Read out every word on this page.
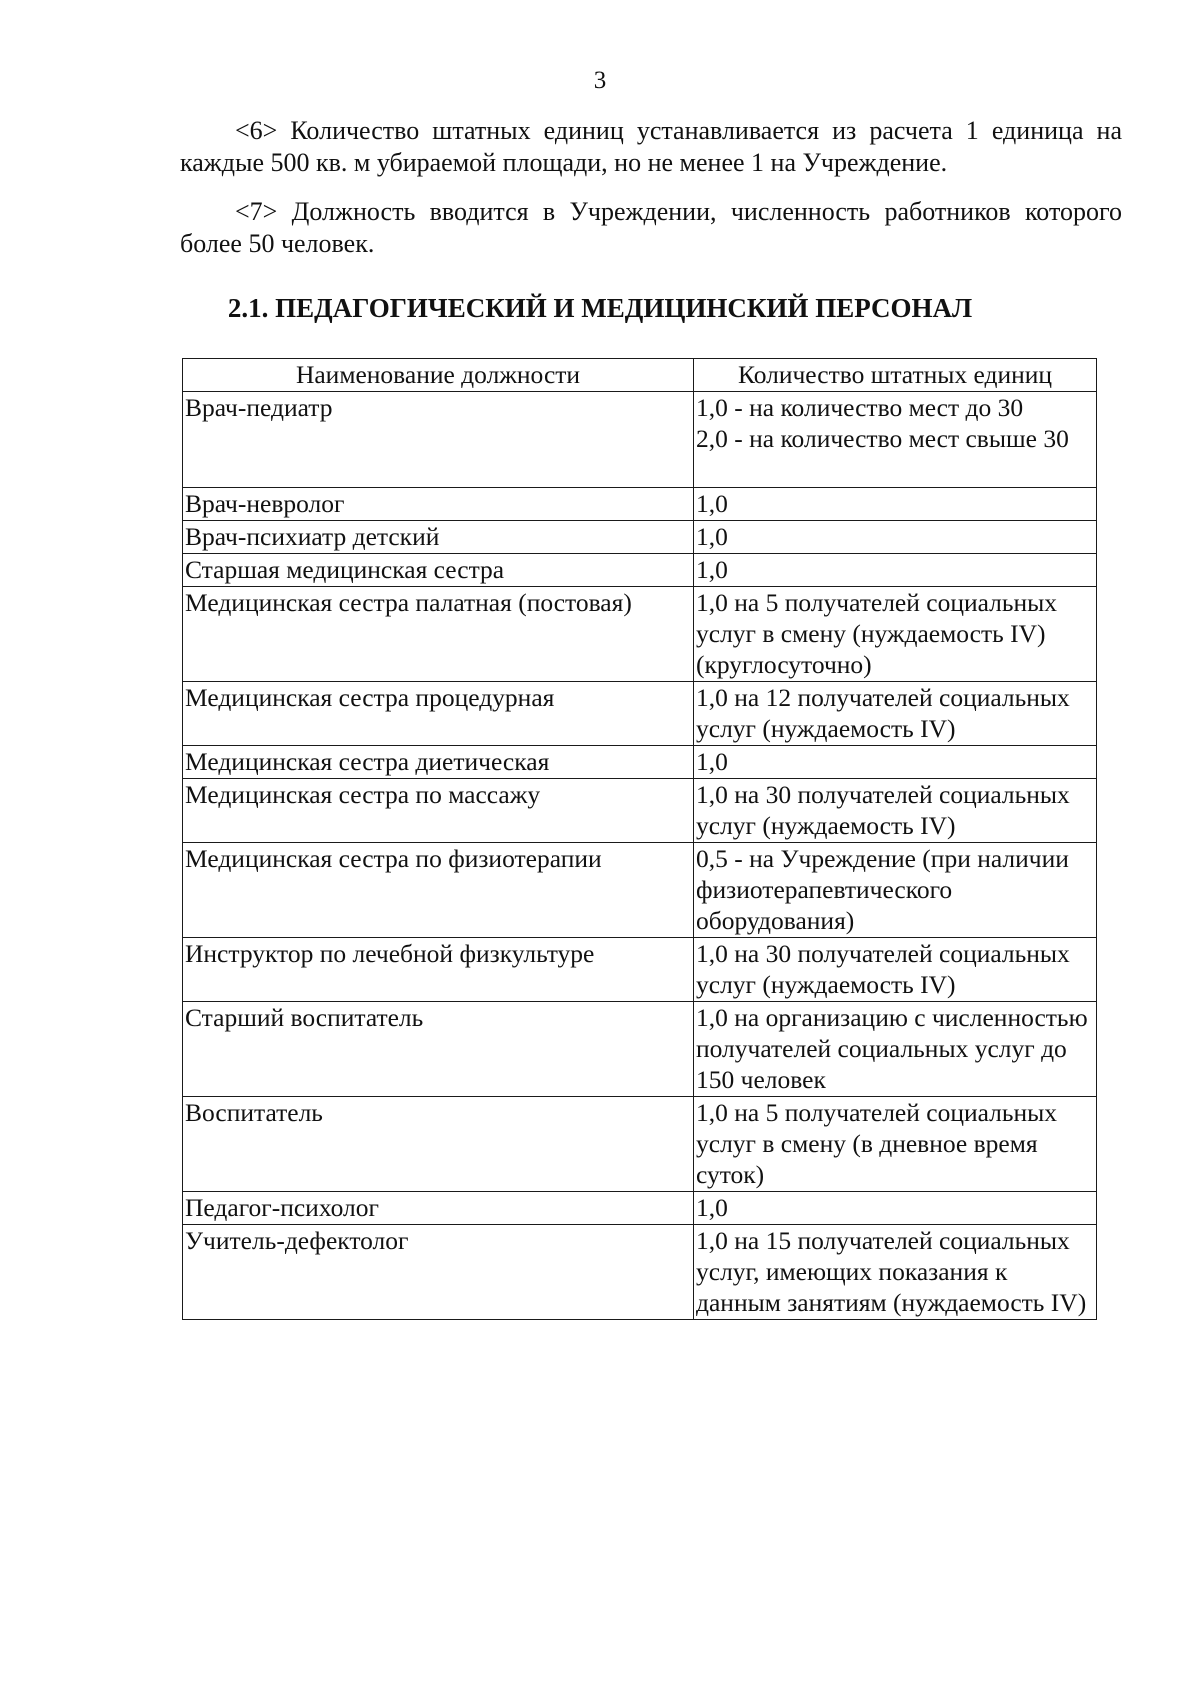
3

<6> Количество штатных единиц устанавливается из расчета 1 единица на каждые 500 кв. м убираемой площади, но не менее 1 на Учреждение.

<7> Должность вводится в Учреждении, численность работников которого более 50 человек.

2.1. ПЕДАГОГИЧЕСКИЙ И МЕДИЦИНСКИЙ ПЕРСОНАЛ
Наименование должности	Количество штатных единиц
Врач-педиатр	1,0 - на количество мест до 30
2,0 - на количество мест свыше 30
Врач-невролог	1,0
Врач-психиатр детский	1,0
Старшая медицинская сестра	1,0
Медицинская сестра палатная (постовая)	1,0 на 5 получателей социальных услуг в смену (нуждаемость IV) (круглосуточно)
Медицинская сестра процедурная	1,0 на 12 получателей социальных услуг (нуждаемость IV)
Медицинская сестра диетическая	1,0
Медицинская сестра по массажу	1,0 на 30 получателей социальных услуг (нуждаемость IV)
Медицинская сестра по физиотерапии	0,5 - на Учреждение (при наличии физиотерапевтического оборудования)
Инструктор по лечебной физкультуре	1,0 на 30 получателей социальных услуг (нуждаемость IV)
Старший воспитатель	1,0 на организацию с численностью получателей социальных услуг до 150 человек
Воспитатель	1,0 на 5 получателей социальных услуг в смену (в дневное время суток)
Педагог-психолог	1,0
Учитель-дефектолог	1,0 на 15 получателей социальных услуг, имеющих показания к данным занятиям (нуждаемость IV)
